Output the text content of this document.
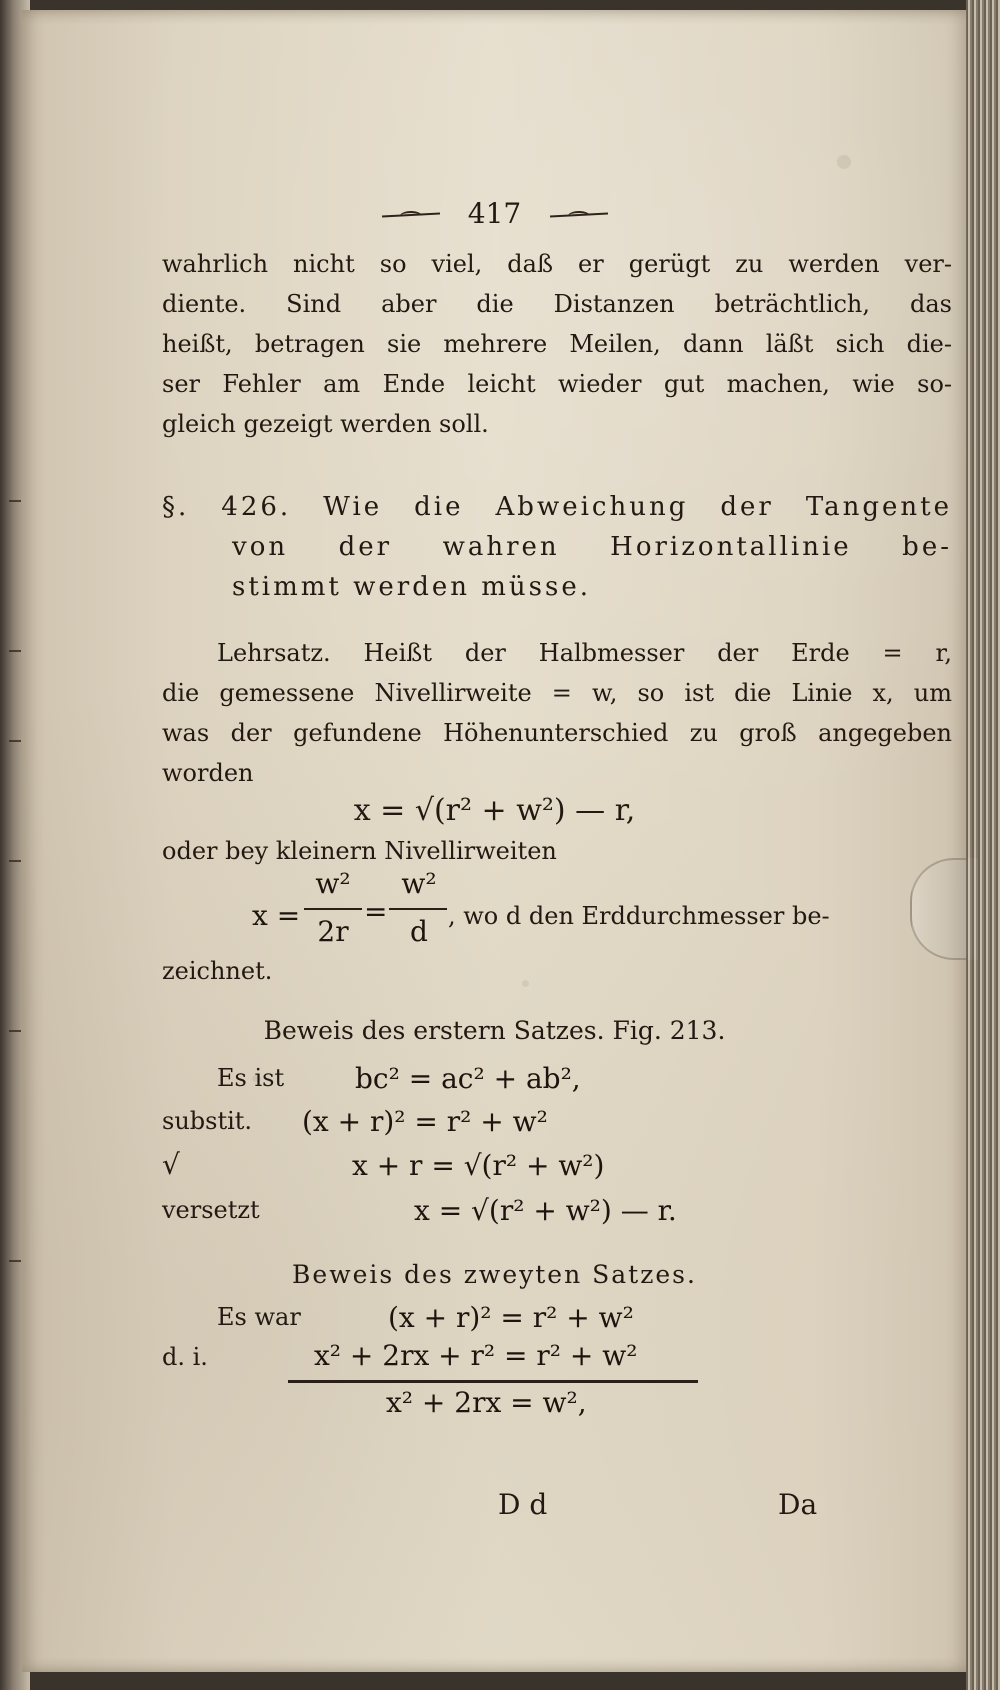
417
wahrlich nicht so viel, daß er gerügt zu werden ver-
diente. Sind aber die Distanzen beträchtlich, das
heißt, betragen sie mehrere Meilen, dann läßt sich die-
ser Fehler am Ende leicht wieder gut machen, wie so-
gleich gezeigt werden soll.
§. 426. Wie die Abweichung der Tangente
von der wahren Horizontallinie be-
stimmt werden müsse.
Lehrsatz. Heißt der Halbmesser der Erde = r,
die gemessene Nivellirweite = w, so ist die Linie x, um
was der gefundene Höhenunterschied zu groß angegeben
worden
x = √(r² + w²) — r,
oder bey kleinern Nivellirweiten
x =
w²
2r
=
w²
d , wo d den Erddurchmesser be-
zeichnet.
Beweis des erstern Satzes. Fig. 213.
Es ist	bc² = ac² + ab²,
substit. (x + r)² = r² + w²
√	x + r = √(r² + w²)
versetzt	x = √(r² + w²) — r.
Beweis des zweyten Satzes.
Es war	(x + r)² = r² + w²
d. i.	x² + 2rx + r² = r² + w²
x² + 2rx = w²,
D d	Da
